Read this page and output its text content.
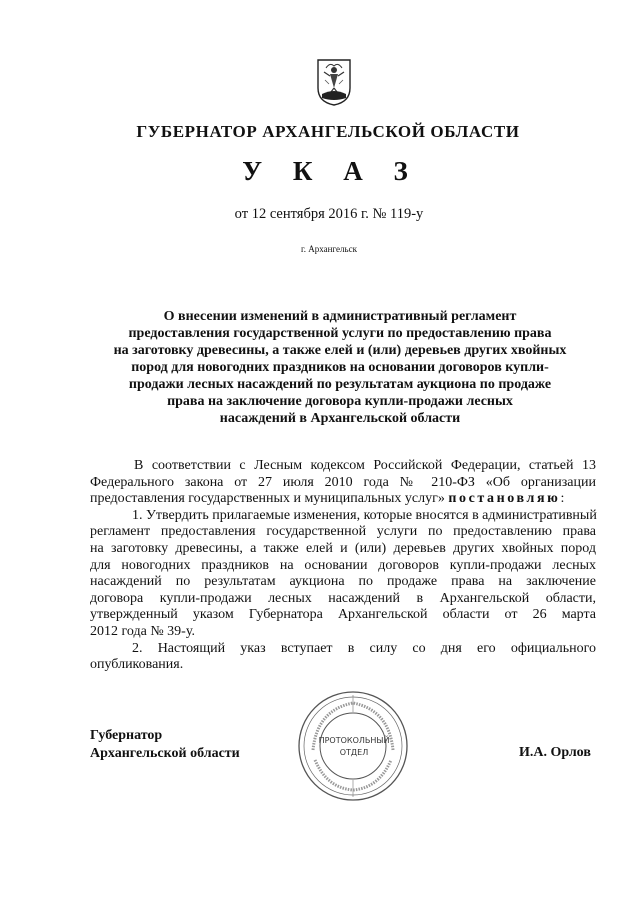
ГУБЕРНАТОР АРХАНГЕЛЬСКОЙ ОБЛАСТИ
У К А З
от 12 сентября 2016 г. № 119-у
г. Архангельск
О внесении изменений в административный регламент
предоставления государственной услуги по предоставлению права
на заготовку древесины, а также елей и (или) деревьев других хвойных
пород для новогодних праздников на основании договоров купли-
продажи лесных насаждений по результатам аукциона по продаже
права на заключение договора купли-продажи лесных
насаждений в Архангельской области
В соответствии с Лесным кодексом Российской Федерации, статьей 13
Федерального закона от 27 июля 2010 года № 210-ФЗ «Об организации
предоставления государственных и муниципальных услуг» постановляю:
1. Утвердить прилагаемые изменения, которые вносятся в административный
регламент предоставления государственной услуги по предоставлению права
на заготовку древесины, а также елей и (или) деревьев других хвойных пород
для новогодних праздников на основании договоров купли-продажи лесных
насаждений по результатам аукциона по продаже права на заключение
договора купли-продажи лесных насаждений в Архангельской области,
утвержденный указом Губернатора Архангельской области от 26 марта
2012 года № 39-у.
2. Настоящий указ вступает в силу со дня его официального
опубликования.
Губернатор
Архангельской области
ПРОТОКОЛЬНЫЙ
ОТДЕЛ	И.А. Орлов
